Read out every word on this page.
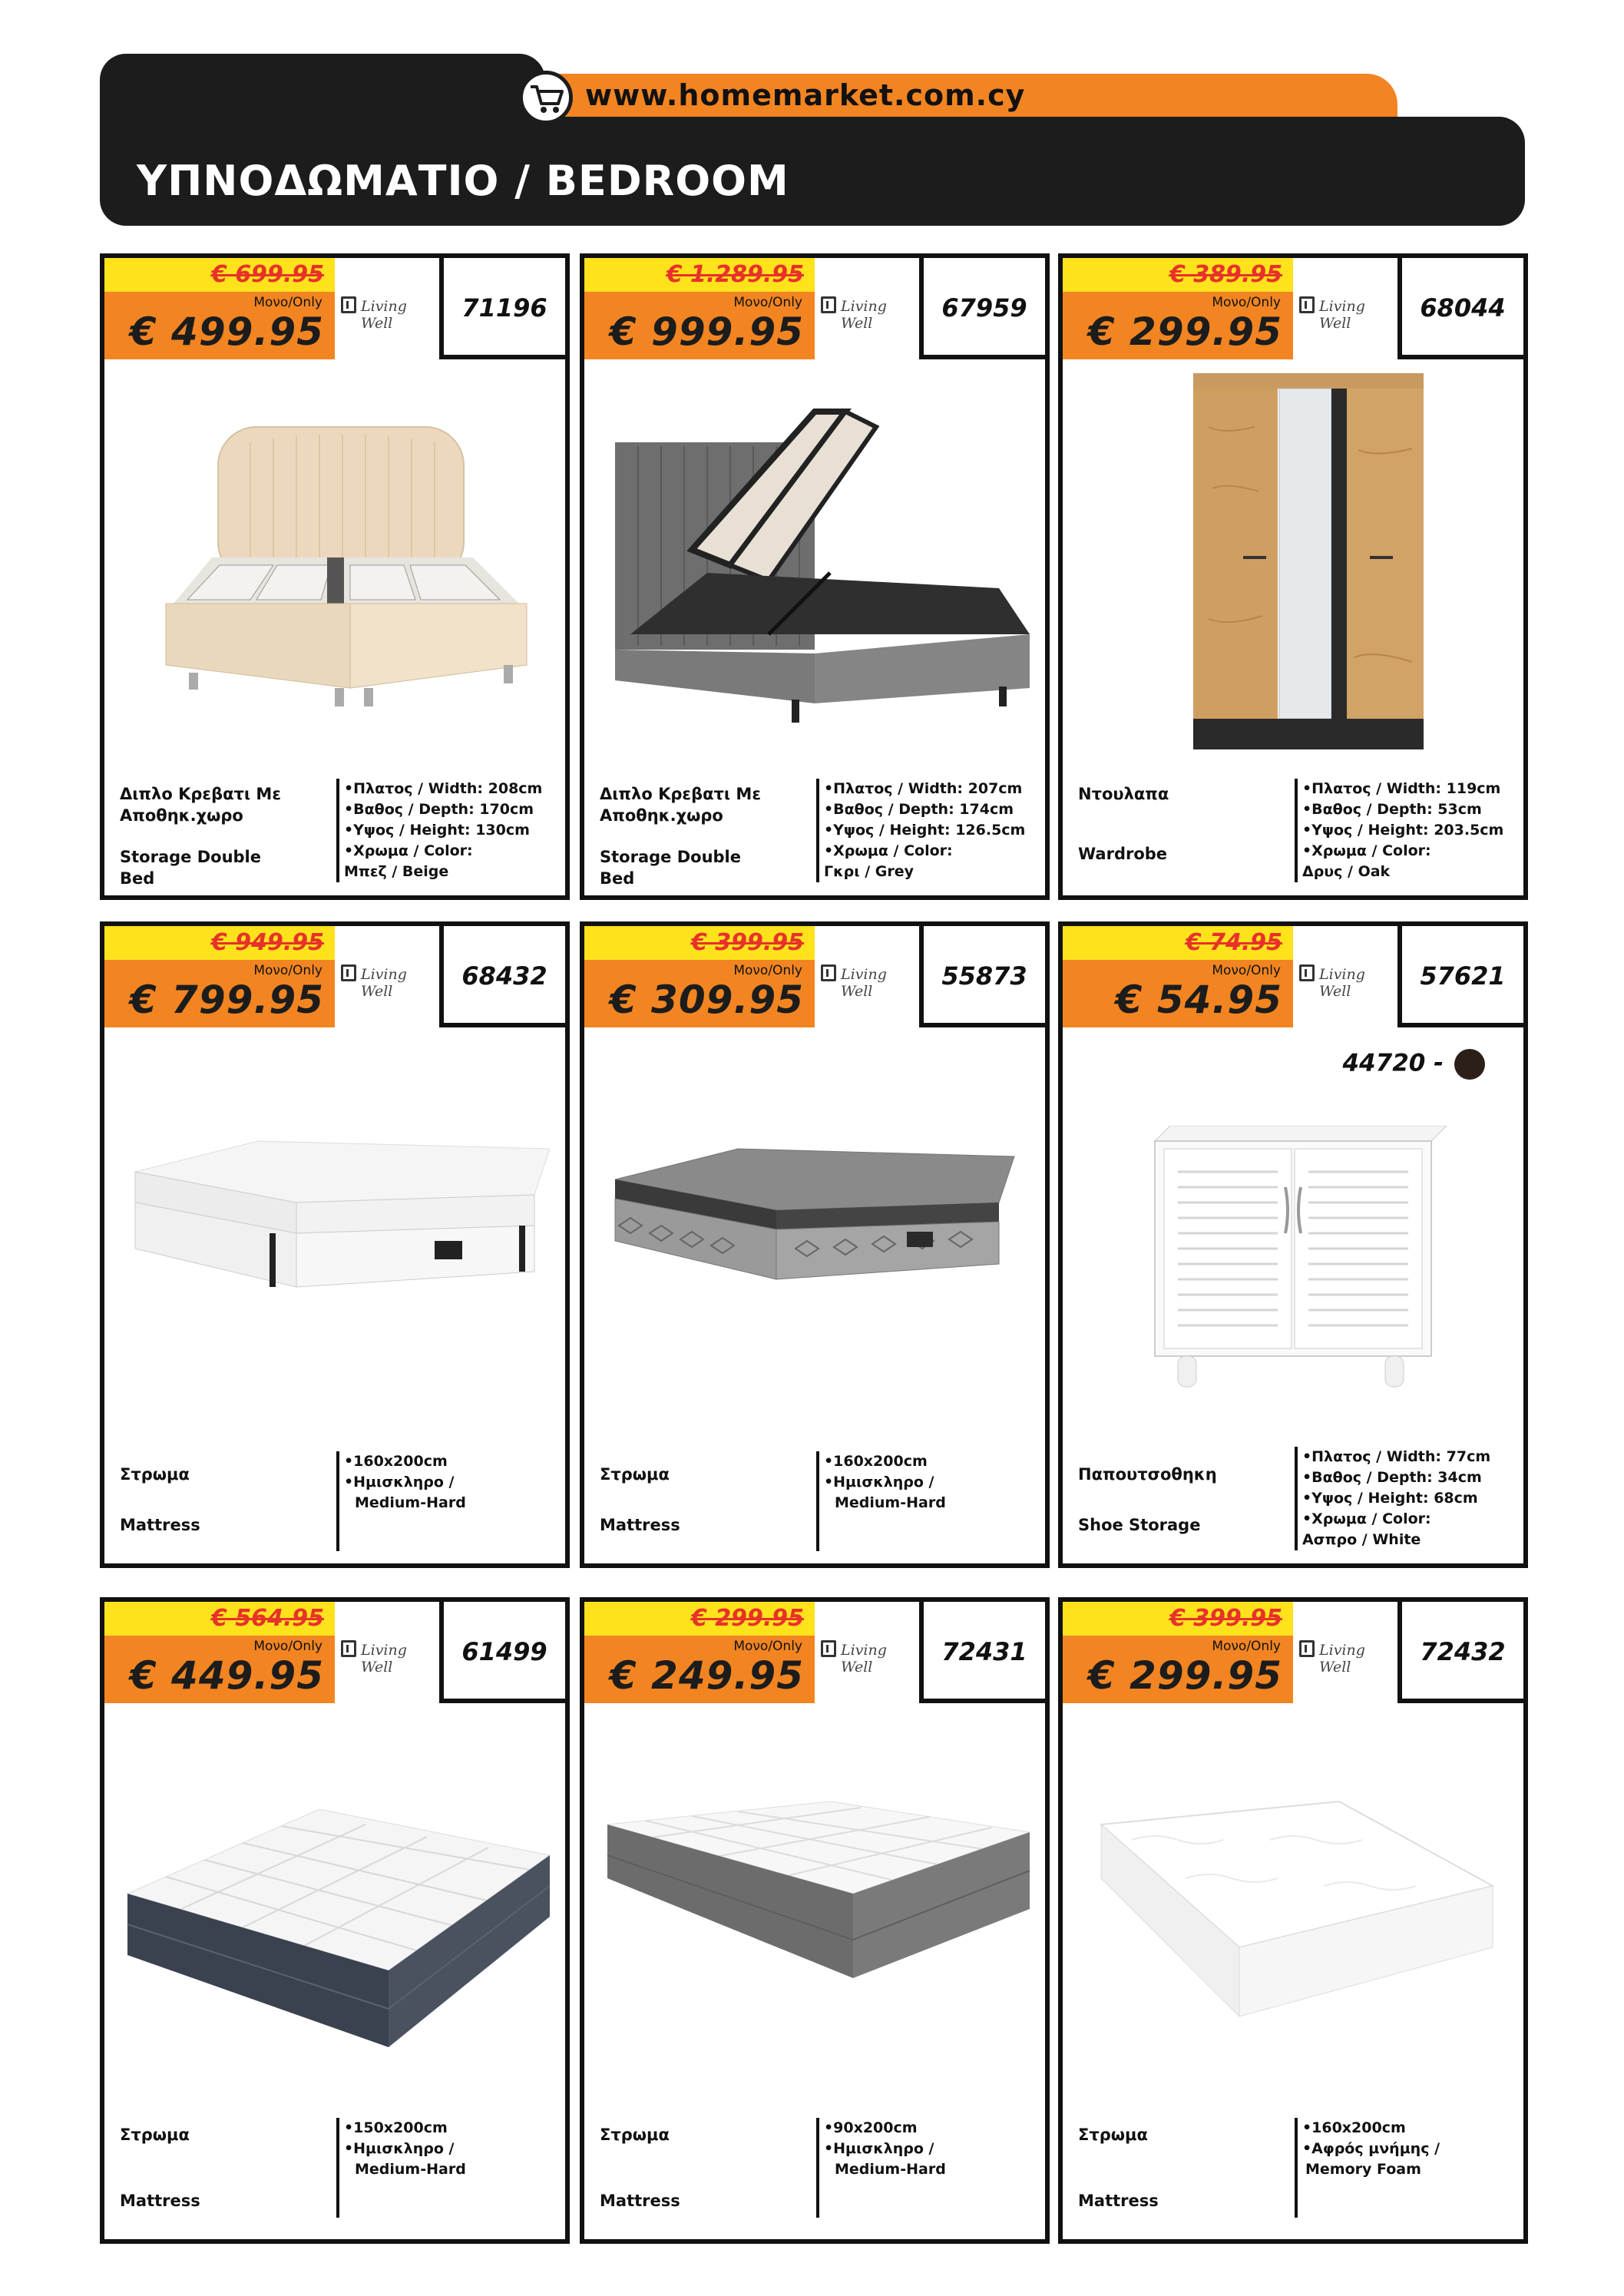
www.homemarket.com.cy
ΥΠΝΟΔΩΜΑΤΙΟ / BEDROOM
€ 699.95
Μονο/Only
€ 499.95
Living Well
71196
Διπλο Κρεβατι Με Αποθηκ.χωρο
Storage Double Bed
•Πλατος / Width: 208cm
•Βαθος / Depth: 170cm
•Υψος / Height: 130cm
•Χρωμα / Color:
Μπεζ / Beige
€ 1.289.95
Μονο/Only
€ 999.95
Living Well
67959
Διπλο Κρεβατι Με Αποθηκ.χωρο
Storage Double Bed
•Πλατος / Width: 207cm
•Βαθος / Depth: 174cm
•Υψος / Height: 126.5cm
•Χρωμα / Color:
Γκρι / Grey
€ 389.95
Μονο/Only
€ 299.95
Living Well
68044
Ντουλαπα
Wardrobe
•Πλατος / Width: 119cm
•Βαθος / Depth: 53cm
•Υψος / Height: 203.5cm
•Χρωμα / Color:
Δρυς / Oak
€ 949.95
Μονο/Only
€ 799.95
Living Well
68432
Στρωμα
Mattress
•160x200cm
•Ημισκληρο /
Medium-Hard
€ 399.95
Μονο/Only
€ 309.95
Living Well
55873
Στρωμα
Mattress
•160x200cm
•Ημισκληρο /
Medium-Hard
€ 74.95
Μονο/Only
€ 54.95
Living Well
57621
44720 -
Παπουτσοθηκη
Shoe Storage
•Πλατος / Width: 77cm
•Βαθος / Depth: 34cm
•Υψος / Height: 68cm
•Χρωμα / Color:
Ασπρο / White
€ 564.95
Μονο/Only
€ 449.95
Living Well
61499
Στρωμα
Mattress
•150x200cm
•Ημισκληρο /
Medium-Hard
€ 299.95
Μονο/Only
€ 249.95
Living Well
72431
Στρωμα
Mattress
•90x200cm
•Ημισκληρο /
Medium-Hard
€ 399.95
Μονο/Only
€ 299.95
Living Well
72432
Στρωμα
Mattress
•160x200cm
•Αφρός μνήμης /
Memory Foam
